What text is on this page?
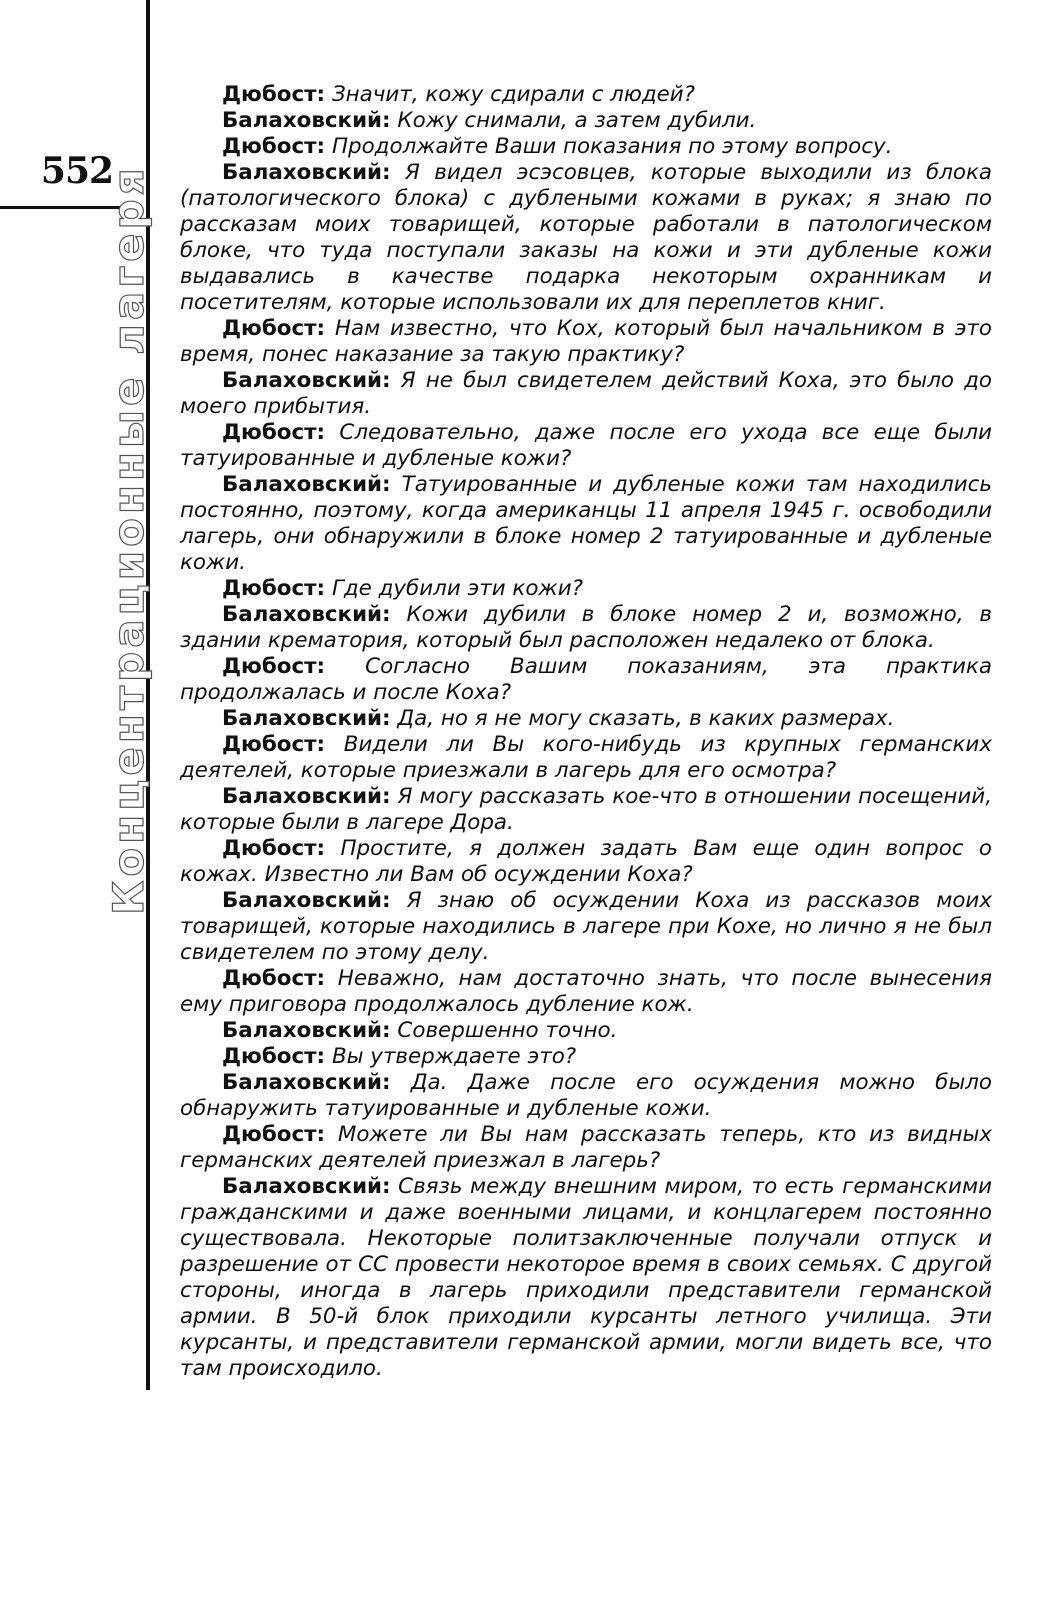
552
Концентрационные лагеря

Дюбост: Значит, кожу сдирали с людей?

Балаховский: Кожу снимали, а затем дубили.

Дюбост: Продолжайте Ваши показания по этому вопросу.

Балаховский: Я видел эсэсовцев, которые выходили из блока (патологического блока) с дублеными кожами в руках; я знаю по рассказам моих товарищей, которые работали в патологическом блоке, что туда поступали заказы на кожи и эти дубленые кожи выдавались в качестве подарка некоторым охранникам и посетителям, которые использовали их для переплетов книг.

Дюбост: Нам известно, что Кох, который был начальником в это время, понес наказание за такую практику?

Балаховский: Я не был свидетелем действий Коха, это было до моего прибытия.

Дюбост: Следовательно, даже после его ухода все еще были татуированные и дубленые кожи?

Балаховский: Татуированные и дубленые кожи там находились постоянно, поэтому, когда американцы 11 апреля 1945 г. освободили лагерь, они обнаружили в блоке номер 2 татуированные и дубленые кожи.

Дюбост: Где дубили эти кожи?

Балаховский: Кожи дубили в блоке номер 2 и, возможно, в здании крематория, который был расположен недалеко от блока.

Дюбост: Согласно Вашим показаниям, эта практика продолжалась и после Коха?

Балаховский: Да, но я не могу сказать, в каких размерах.

Дюбост: Видели ли Вы кого-нибудь из крупных германских деятелей, которые приезжали в лагерь для его осмотра?

Балаховский: Я могу рассказать кое-что в отношении посещений, которые были в лагере Дора.

Дюбост: Простите, я должен задать Вам еще один вопрос о кожах. Известно ли Вам об осуждении Коха?

Балаховский: Я знаю об осуждении Коха из рассказов моих товарищей, которые находились в лагере при Кохе, но лично я не был свидетелем по этому делу.

Дюбост: Неважно, нам достаточно знать, что после вынесения ему приговора продолжалось дубление кож.

Балаховский: Совершенно точно.

Дюбост: Вы утверждаете это?

Балаховский: Да. Даже после его осуждения можно было обнаружить татуированные и дубленые кожи.

Дюбост: Можете ли Вы нам рассказать теперь, кто из видных германских деятелей приезжал в лагерь?

Балаховский: Связь между внешним миром, то есть германскими гражданскими и даже военными лицами, и концлагерем постоянно существовала. Некоторые политзаключенные получали отпуск и разрешение от СС провести некоторое время в своих семьях. С другой стороны, иногда в лагерь приходили представители германской армии. В 50-й блок приходили курсанты летного училища. Эти курсанты, и представители германской армии, могли видеть все, что там происходило.
